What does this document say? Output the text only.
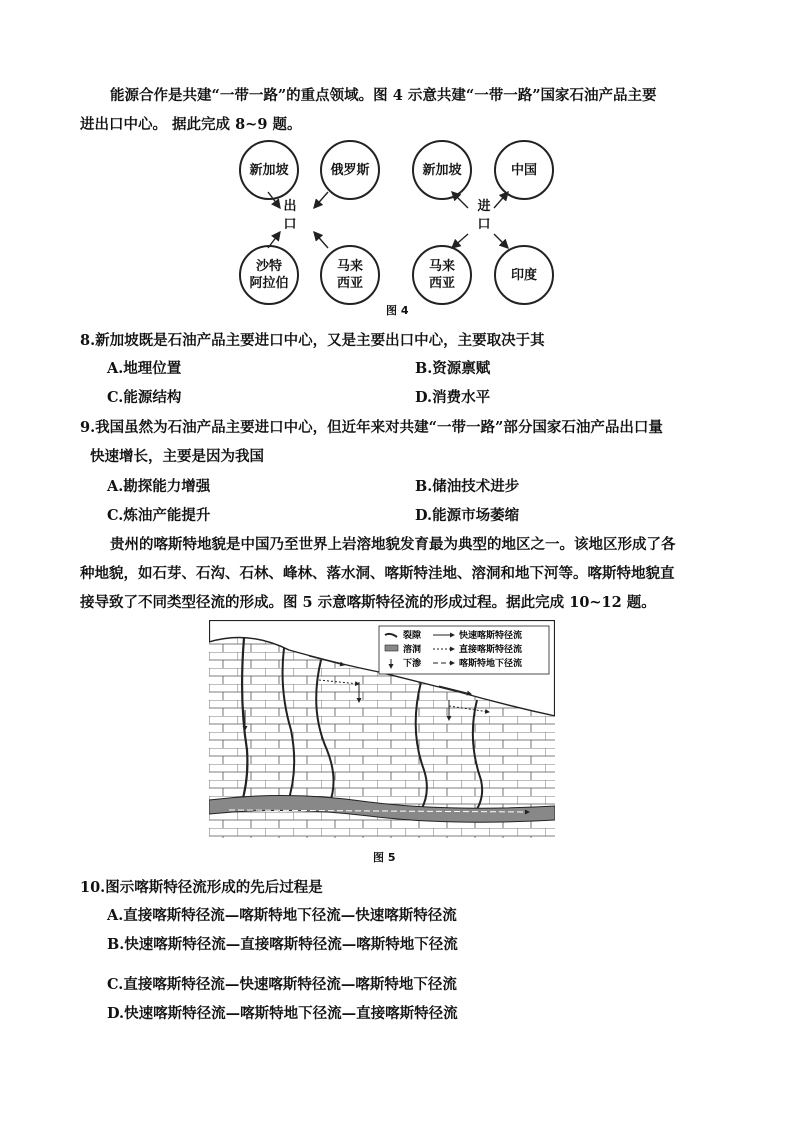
能源合作是共建“一带一路”的重点领域。图 4 示意共建“一带一路”国家石油产品主要
进出口中心。 据此完成 8~9 题。
新加坡	俄罗斯
沙特
阿拉伯
马来
西亚
出
口
新加坡	中国
马来
西亚
印度
进
口
图 4
8.新加坡既是石油产品主要进口中心，又是主要出口中心，主要取决于其
A.地理位置	B.资源禀赋
C.能源结构	D.消费水平
9.我国虽然为石油产品主要进口中心，但近年来对共建“一带一路”部分国家石油产品出口量
快速增长，主要是因为我国
A.勘探能力增强	B.储油技术进步
C.炼油产能提升	D.能源市场萎缩
贵州的喀斯特地貌是中国乃至世界上岩溶地貌发育最为典型的地区之一。该地区形成了各
种地貌，如石芽、石沟、石林、峰林、落水洞、喀斯特洼地、溶洞和地下河等。喀斯特地貌直
接导致了不同类型径流的形成。图 5 示意喀斯特径流的形成过程。据此完成 10~12 题。
裂隙	快速喀斯特径流
溶洞	直接喀斯特径流
下渗	喀斯特地下径流
图 5
10.图示喀斯特径流形成的先后过程是
A.直接喀斯特径流—喀斯特地下径流—快速喀斯特径流
B.快速喀斯特径流—直接喀斯特径流—喀斯特地下径流
C.直接喀斯特径流—快速喀斯特径流—喀斯特地下径流
D.快速喀斯特径流—喀斯特地下径流—直接喀斯特径流
